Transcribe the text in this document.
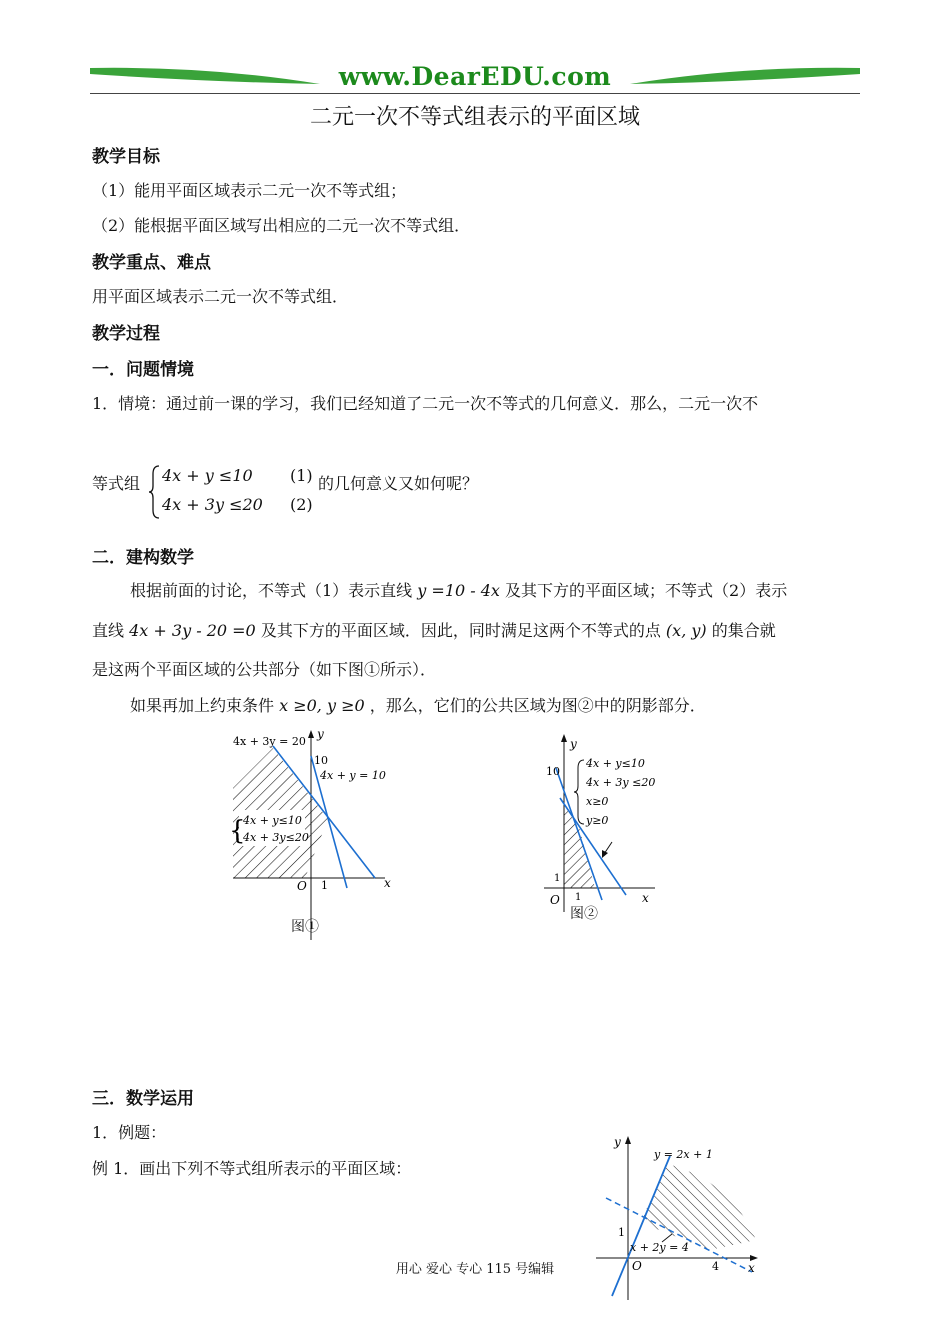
www.DearEDU.com
二元一次不等式组表示的平面区域
教学目标
（1）能用平面区域表示二元一次不等式组；
（2）能根据平面区域写出相应的二元一次不等式组．
教学重点、难点
用平面区域表示二元一次不等式组．
教学过程
一．问题情境
1．情境：通过前一课的学习，我们已经知道了二元一次不等式的几何意义．那么，二元一次不
等式组 4x + y ≤10
4x + 3y ≤20
(1)
(2)
的几何意义又如何呢？
二．建构数学
根据前面的讨论，不等式（1）表示直线 y =10 - 4x 及其下方的平面区域；不等式（2）表示
直线 4x + 3y - 20 =0 及其下方的平面区域．因此，同时满足这两个不等式的点 (x, y) 的集合就
是这两个平面区域的公共部分（如下图①所示）．
如果再加上约束条件 x ≥0, y ≥0 ，那么，它们的公共区域为图②中的阴影部分．
4x + 3y = 20
4x + y = 10
10
1
O	x
y
{
4x + y≤10
4x + 3y≤20
图①
10
1
1
O	x
y
4x + y≤10
4x + 3y ≤20
x≥0
y≥0
图②
三．数学运用
1．例题：
例 1．画出下列不等式组所表示的平面区域：
y = 2x + 1
x + 2y = 4
1
4
O	x
y
用心 爱心 专心 115 号编辑
